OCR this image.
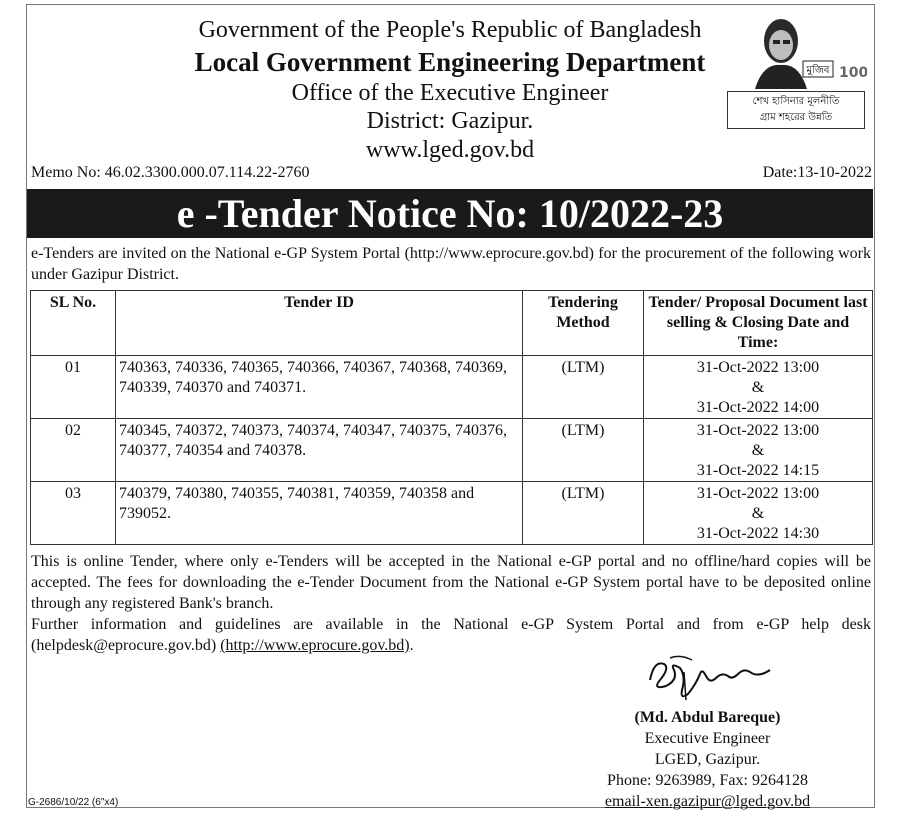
Government of the People's Republic of Bangladesh
Local Government Engineering Department
Office of the Executive Engineer
District: Gazipur.
www.lged.gov.bd
মুজিব 100
শেখ হাসিনার মূলনীতি
গ্রাম শহরের উন্নতি
Memo No: 46.02.3300.000.07.114.22-2760	Date:13-10-2022
e -Tender Notice No: 10/2022-23
e-Tenders are invited on the National e-GP System Portal (http://www.eprocure.gov.bd) for the procurement of the following work under Gazipur District.
SL No.	Tender ID	Tendering Method	Tender/ Proposal Document last selling & Closing Date and Time:
01	740363, 740336, 740365, 740366, 740367, 740368, 740369, 740339, 740370 and 740371.	(LTM)	31-Oct-2022 13:00
&
31-Oct-2022 14:00

02	740345, 740372, 740373, 740374, 740347, 740375, 740376, 740377, 740354 and 740378.	(LTM)	31-Oct-2022 13:00
&
31-Oct-2022 14:15

03	740379, 740380, 740355, 740381, 740359, 740358 and 739052.	(LTM)	31-Oct-2022 13:00
&
31-Oct-2022 14:30

This is online Tender, where only e-Tenders will be accepted in the National e-GP portal and no offline/hard copies will be accepted. The fees for downloading the e-Tender Document from the National e-GP System portal have to be deposited online through any registered Bank's branch.

Further information and guidelines are available in the National e-GP System Portal and from e-GP help desk (helpdesk@eprocure.gov.bd) (http://www.eprocure.gov.bd).

(Md. Abdul Bareque)
Executive Engineer
LGED, Gazipur.
Phone: 9263989, Fax: 9264128
email-xen.gazipur@lged.gov.bd
G-2686/10/22 (6"x4)
